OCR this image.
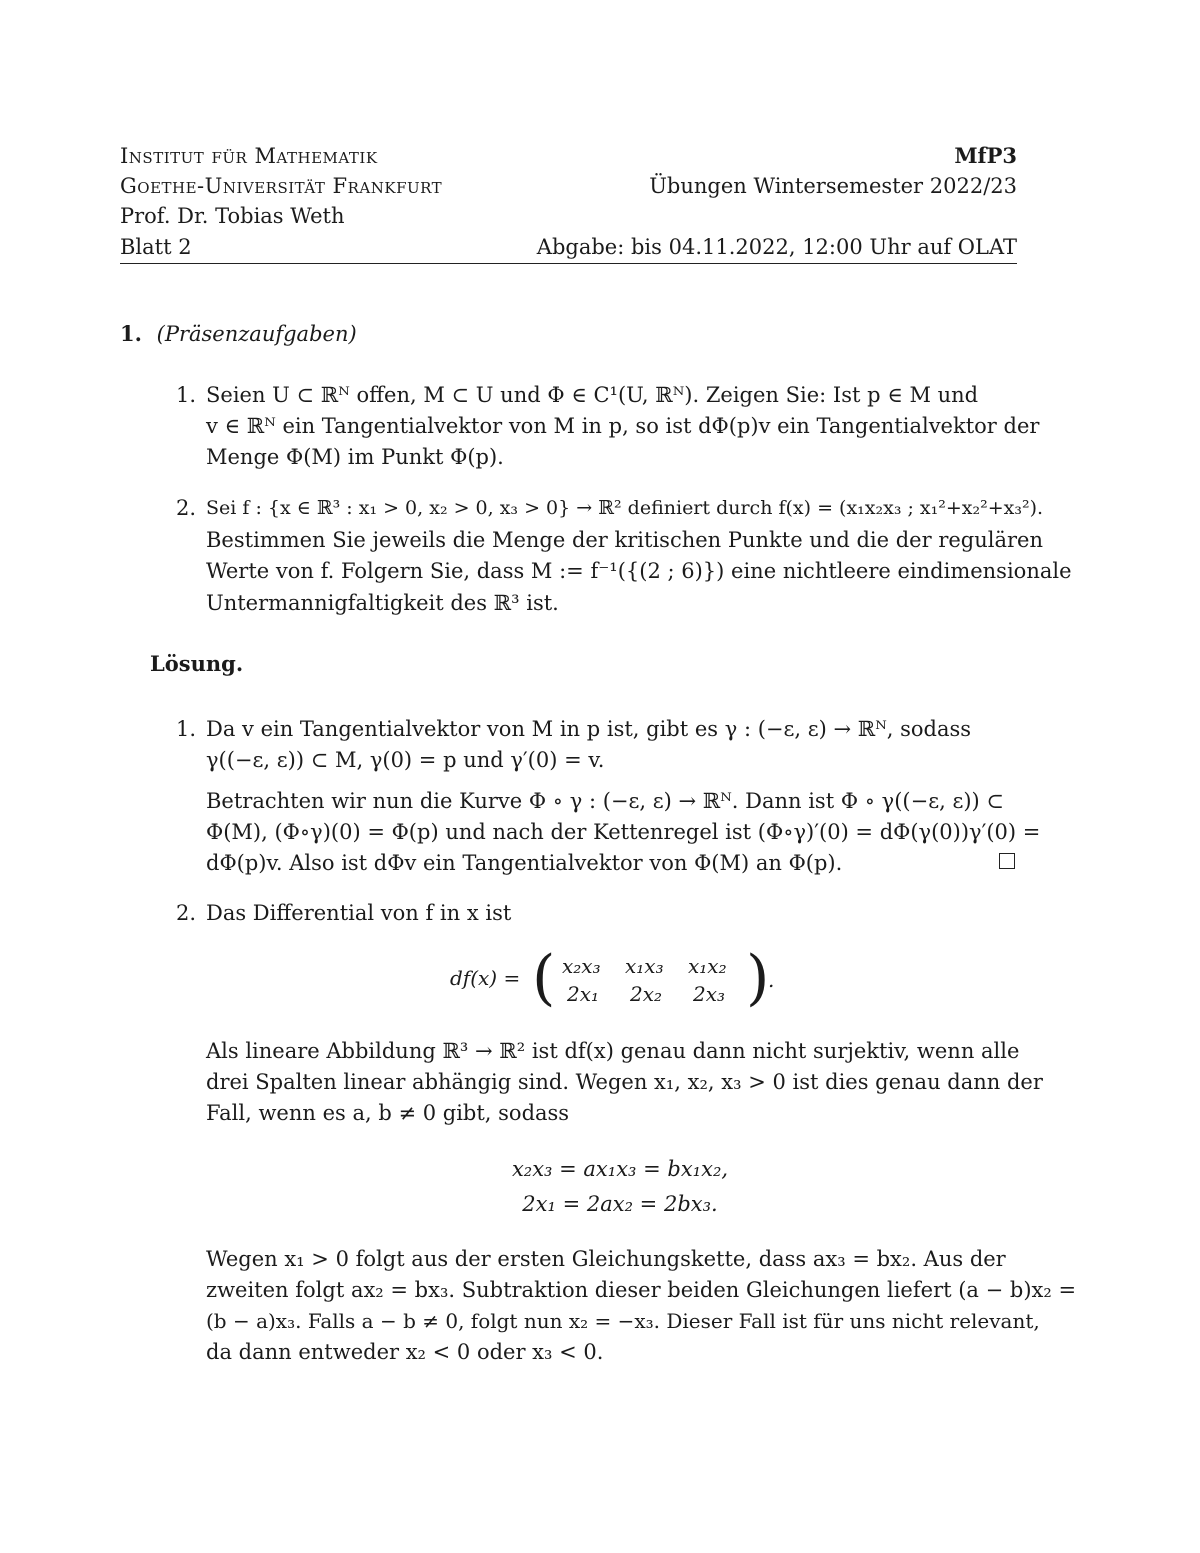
Institut für Mathematik	MfP3
Goethe-Universität Frankfurt	Übungen Wintersemester 2022/23
Prof. Dr. Tobias Weth
Blatt 2	Abgabe: bis 04.11.2022, 12:00 Uhr auf OLAT
1. (Präsenzaufgaben)
1. Seien U ⊂ ℝᴺ offen, M ⊂ U und Φ ∈ C¹(U, ℝᴺ). Zeigen Sie: Ist p ∈ M und
v ∈ ℝᴺ ein Tangentialvektor von M in p, so ist dΦ(p)v ein Tangentialvektor der
Menge Φ(M) im Punkt Φ(p).
2. Sei f : {x ∈ ℝ³ : x₁ > 0, x₂ > 0, x₃ > 0} → ℝ² definiert durch f(x) = (x₁x₂x₃ ; x₁²+x₂²+x₃²).
Bestimmen Sie jeweils die Menge der kritischen Punkte und die der regulären
Werte von f. Folgern Sie, dass M := f⁻¹({(2 ; 6)}) eine nichtleere eindimensionale
Untermannigfaltigkeit des ℝ³ ist.
Lösung.
1. Da v ein Tangentialvektor von M in p ist, gibt es γ : (−ε, ε) → ℝᴺ, sodass
γ((−ε, ε)) ⊂ M, γ(0) = p und γ′(0) = v.
Betrachten wir nun die Kurve Φ ∘ γ : (−ε, ε) → ℝᴺ. Dann ist Φ ∘ γ((−ε, ε)) ⊂
Φ(M), (Φ∘γ)(0) = Φ(p) und nach der Kettenregel ist (Φ∘γ)′(0) = dΦ(γ(0))γ′(0) =
dΦ(p)v. Also ist dΦv ein Tangentialvektor von Φ(M) an Φ(p).
2. Das Differential von f in x ist
df(x) = ( x₂x₃ x₁x₃ x₁x₂
2x₁ 2x₂ 2x₃ )
.
Als lineare Abbildung ℝ³ → ℝ² ist df(x) genau dann nicht surjektiv, wenn alle
drei Spalten linear abhängig sind. Wegen x₁, x₂, x₃ > 0 ist dies genau dann der
Fall, wenn es a, b ≠ 0 gibt, sodass
x₂x₃ = ax₁x₃ = bx₁x₂,
2x₁ = 2ax₂ = 2bx₃.
Wegen x₁ > 0 folgt aus der ersten Gleichungskette, dass ax₃ = bx₂. Aus der
zweiten folgt ax₂ = bx₃. Subtraktion dieser beiden Gleichungen liefert (a − b)x₂ =
(b − a)x₃. Falls a − b ≠ 0, folgt nun x₂ = −x₃. Dieser Fall ist für uns nicht relevant,
da dann entweder x₂ < 0 oder x₃ < 0.
